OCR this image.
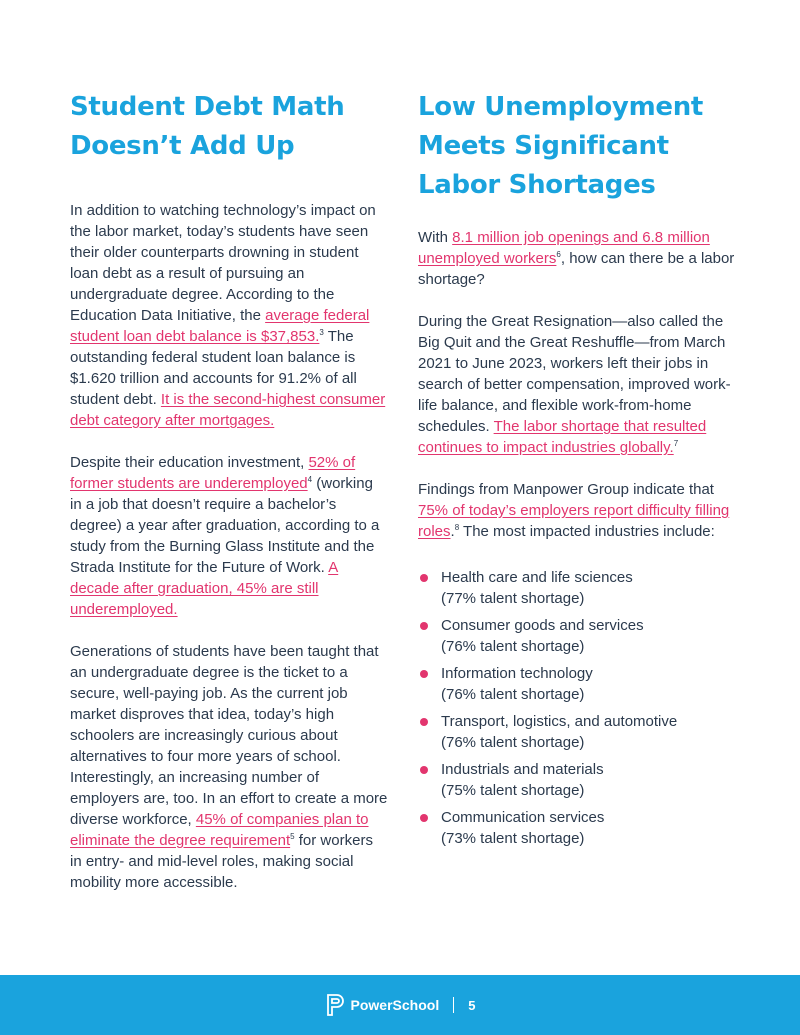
Student Debt Math Doesn’t Add Up

In addition to watching technology’s impact on the labor market, today’s students have seen their older counterparts drowning in student loan debt as a result of pursuing an undergraduate degree. According to the Education Data Initiative, the average federal student loan debt balance is $37,853.$^3$ The outstanding federal student loan balance is $1.620 trillion and accounts for 91.2% of all student debt. It is the second-highest consumer debt category after mortgages.

Despite their education investment, 52% of former students are underemployed$^4$ (working in a job that doesn’t require a bachelor’s degree) a year after graduation, according to a study from the Burning Glass Institute and the Strada Institute for the Future of Work. A decade after graduation, 45% are still underemployed.

Generations of students have been taught that an undergraduate degree is the ticket to a secure, well-paying job. As the current job market disproves that idea, today’s high schoolers are increasingly curious about alternatives to four more years of school. Interestingly, an increasing number of employers are, too. In an effort to create a more diverse workforce, 45% of companies plan to eliminate the degree requirement$^5$ for workers in entry- and mid-level roles, making social mobility more accessible.

Low Unemployment Meets Significant Labor Shortages

With 8.1 million job openings and 6.8 million unemployed workers$^6$, how can there be a labor shortage?

During the Great Resignation—also called the Big Quit and the Great Reshuffle—from March 2021 to June 2023, workers left their jobs in search of better compensation, improved work-life balance, and flexible work-from-home schedules. The labor shortage that resulted continues to impact industries globally.$^7$

Findings from Manpower Group indicate that 75% of today’s employers report difficulty filling roles.$^8$ The most impacted industries include:

Health care and life sciences
(77% talent shortage)
Consumer goods and services
(76% talent shortage)
Information technology
(76% talent shortage)
Transport, logistics, and automotive
(76% talent shortage)
Industrials and materials
(75% talent shortage)
Communication services
(73% talent shortage)
PowerSchool 5
